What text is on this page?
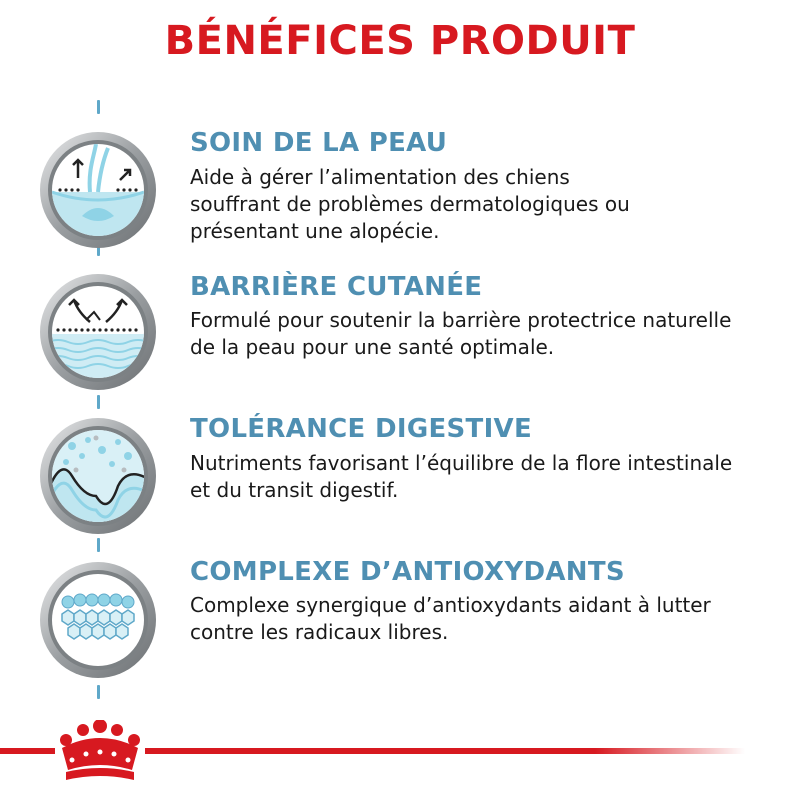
BÉNÉFICES PRODUIT
SOIN DE LA PEAU

Aide à gérer l’alimentation des chiens
souffrant de problèmes dermatologiques ou
présentant une alopécie.

BARRIÈRE CUTANÉE

Formulé pour soutenir la barrière protectrice naturelle
de la peau pour une santé optimale.

TOLÉRANCE DIGESTIVE

Nutriments favorisant l’équilibre de la flore intestinale
et du transit digestif.

COMPLEXE D’ANTIOXYDANTS

Complexe synergique d’antioxydants aidant à lutter
contre les radicaux libres.
